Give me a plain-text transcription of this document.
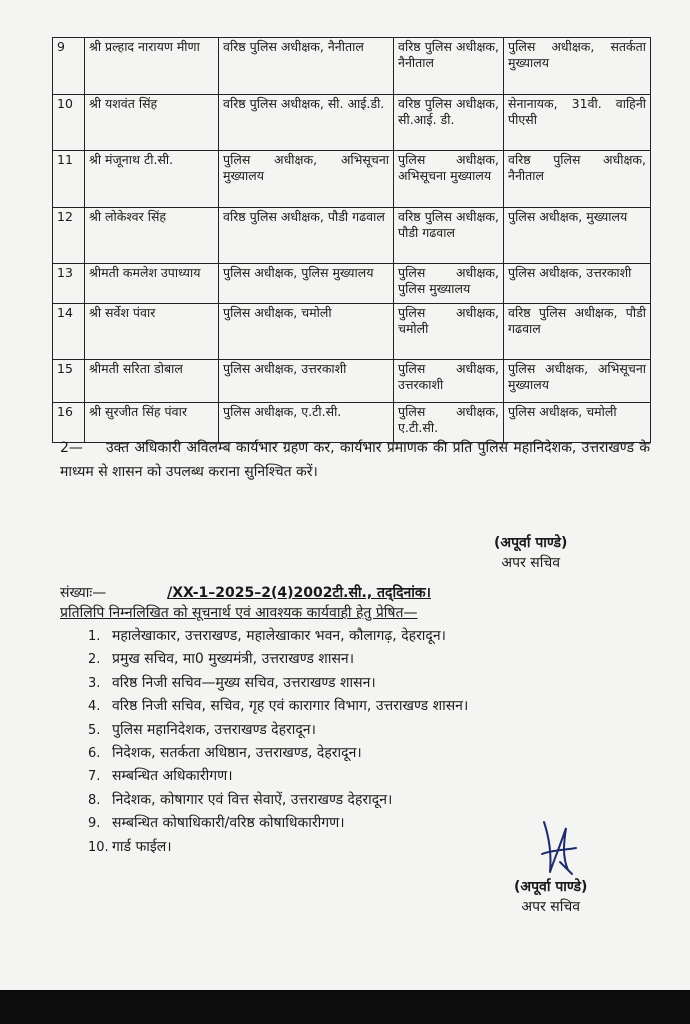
9	श्री प्रल्हाद नारायण मीणा	वरिष्ठ पुलिस अधीक्षक, नैनीताल	वरिष्ठ पुलिस अधीक्षक, नैनीताल	पुलिस अधीक्षक, सतर्कता मुख्यालय
10	श्री यशवंत सिंह	वरिष्ठ पुलिस अधीक्षक, सी. आई.डी.	वरिष्ठ पुलिस अधीक्षक, सी.आई. डी.	सेनानायक, 31वी. वाहिनी पीएसी
11	श्री मंजूनाथ टी.सी.	पुलिस अधीक्षक, अभिसूचना मुख्यालय	पुलिस अधीक्षक, अभिसूचना मुख्यालय	वरिष्ठ पुलिस अधीक्षक, नैनीताल
12	श्री लोकेश्वर सिंह	वरिष्ठ पुलिस अधीक्षक, पौडी गढवाल	वरिष्ठ पुलिस अधीक्षक, पौडी गढवाल	पुलिस अधीक्षक, मुख्यालय
13	श्रीमती कमलेश उपाध्याय	पुलिस अधीक्षक, पुलिस मुख्यालय	पुलिस अधीक्षक, पुलिस मुख्यालय	पुलिस अधीक्षक, उत्तरकाशी
14	श्री सर्वेश पंवार	पुलिस अधीक्षक, चमोली	पुलिस अधीक्षक, चमोली	वरिष्ठ पुलिस अधीक्षक, पौडी गढवाल
15	श्रीमती सरिता डोबाल	पुलिस अधीक्षक, उत्तरकाशी	पुलिस अधीक्षक, उत्तरकाशी	पुलिस अधीक्षक, अभिसूचना मुख्यालय
16	श्री सुरजीत सिंह पंवार	पुलिस अधीक्षक, ए.टी.सी.	पुलिस अधीक्षक, ए.टी.सी.	पुलिस अधीक्षक, चमोली
2— उक्त अधिकारी अविलम्ब कार्यभार ग्रहण कर, कार्यभार प्रमाणक की प्रति पुलिस महानिदेशक, उत्तराखण्ड के माध्यम से शासन को उपलब्ध कराना सुनिश्चित करें।
(अपूर्वा पाण्डे)
अपर सचिव
संख्याः—	/XX-1–2025–2(4)2002टी.सी., तद्‌दिनांक।
प्रतिलिपि निम्नलिखित को सूचनार्थ एवं आवश्यक कार्यवाही हेतु प्रेषित—
1. महालेखाकार, उत्तराखण्ड, महालेखाकार भवन, कौलागढ़, देहरादून।
2. प्रमुख सचिव, मा0 मुख्यमंत्री, उत्तराखण्ड शासन।
3. वरिष्ठ निजी सचिव—मुख्य सचिव, उत्तराखण्ड शासन।
4. वरिष्ठ निजी सचिव, सचिव, गृह एवं कारागार विभाग, उत्तराखण्ड शासन।
5. पुलिस महानिदेशक, उत्तराखण्ड देहरादून।
6. निदेशक, सतर्कता अधिष्ठान, उत्तराखण्ड, देहरादून।
7. सम्बन्धित अधिकारीगण।
8. निदेशक, कोषागार एवं वित्त सेवाऐं, उत्तराखण्ड देहरादून।
9. सम्बन्धित कोषाधिकारी/वरिष्ठ कोषाधिकारीगण।
10. गार्ड फाईल।
(अपूर्वा पाण्डे)
अपर सचिव
